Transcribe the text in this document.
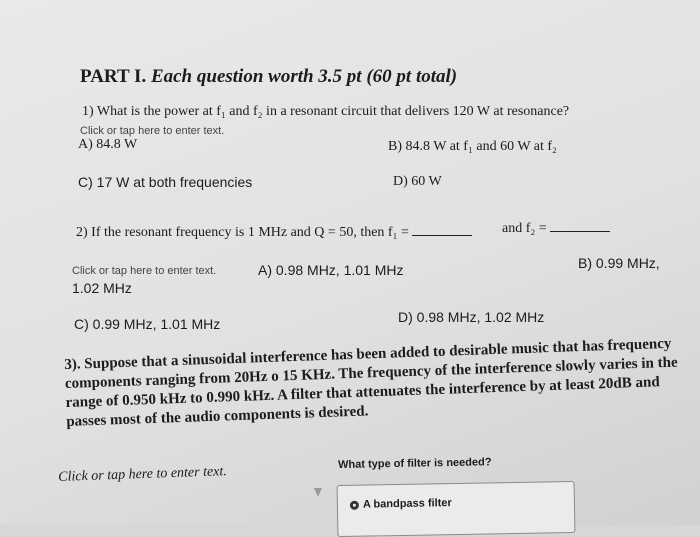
PART I. Each question worth 3.5 pt (60 pt total)
1) What is the power at f₁ and f₂ in a resonant circuit that delivers 120 W at resonance?
Click or tap here to enter text.
A) 84.8 W	B) 84.8 W at f₁ and 60 W at f₂
C) 17 W at both frequencies	D) 60 W
2) If the resonant frequency is 1 MHz and Q = 50, then f₁ =	and f₂ =
Click or tap here to enter text.	A) 0.98 MHz, 1.01 MHz	B) 0.99 MHz,
1.02 MHz
C) 0.99 MHz, 1.01 MHz	D) 0.98 MHz, 1.02 MHz
3). Suppose that a sinusoidal interference has been added to desirable music that has frequency components ranging from 20Hz o 15 KHz. The frequency of the interference slowly varies in the range of 0.950 kHz to 0.990 kHz. A filter that attenuates the interference by at least 20dB and passes most of the audio components is desired.
Click or tap here to enter text.
What type of filter is needed?
A bandpass filter
